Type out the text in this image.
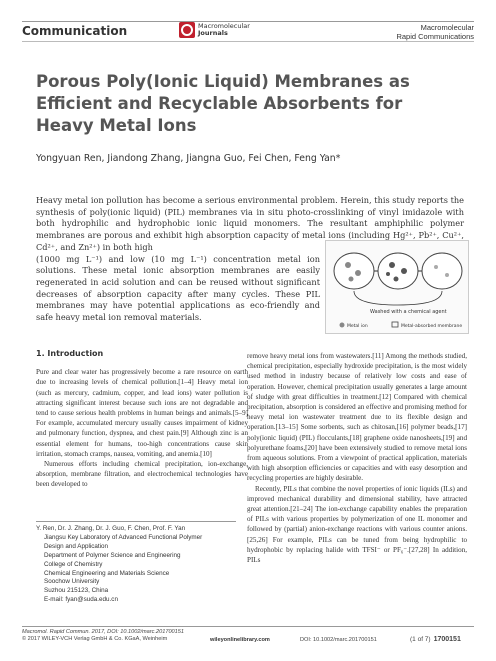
Communication	Macromolecular
Journals
Macromolecular
Rapid Communications
Porous Poly(Ionic Liquid) Membranes as Efficient and Recyclable Absorbents for Heavy Metal Ions
Yongyuan Ren, Jiandong Zhang, Jiangna Guo, Fei Chen, Feng Yan*

Heavy metal ion pollution has become a serious environmental problem. Herein, this study reports the synthesis of poly(ionic liquid) (PIL) membranes via in situ photo-crosslinking of vinyl imidazole with both hydrophilic and hydrophobic ionic liquid monomers. The resultant amphiphilic polymer membranes are porous and exhibit high absorption capacity of metal ions (including Hg²⁺, Pb²⁺, Cu²⁺, Cd²⁺, and Zn²⁺) in both high

(1000 mg L⁻¹) and low (10 mg L⁻¹) concentration metal ion solutions. These metal ionic absorption membranes are easily regenerated in acid solution and can be reused without significant decreases of absorption capacity after many cycles. These PIL membranes may have potential applications as eco-friendly and safe heavy metal ion removal materials.

Washed with a chemical agent
Metal ion	Metal-absorbed membrane
1. Introduction

Pure and clear water has progressively become a rare resource on earth due to increasing levels of chemical pollution.[1–4] Heavy metal ion (such as mercury, cadmium, copper, and lead ions) water pollution is attracting significant interest because such ions are not degradable and tend to cause serious health problems in human beings and animals.[5–9] For example, accumulated mercury usually causes impairment of kidney and pulmonary function, dyspnea, and chest pain.[9] Although zinc is an essential element for humans, too-high concentrations cause skin irritation, stomach cramps, nausea, vomiting, and anemia.[10]

Numerous efforts including chemical precipitation, ion-exchange, absorption, membrane filtration, and electrochemical technologies have been developed to

remove heavy metal ions from wastewaters.[11] Among the methods studied, chemical precipitation, especially hydroxide precipitation, is the most widely used method in industry because of relatively low costs and ease of operation. However, chemical precipitation usually generates a large amount of sludge with great difficulties in treatment.[12] Compared with chemical precipitation, absorption is considered an effective and promising method for heavy metal ion wastewater treatment due to its flexible design and operation.[13–15] Some sorbents, such as chitosan,[16] polymer beads,[17] poly(ionic liquid) (PIL) flocculants,[18] graphene oxide nanosheets,[19] and polyurethane foams,[20] have been extensively studied to remove metal ions from aqueous solutions. From a viewpoint of practical application, materials with high absorption efficiencies or capacities and with easy desorption and recycling properties are highly desirable.

Recently, PILs that combine the novel properties of ionic liquids (ILs) and improved mechanical durability and dimensional stability, have attracted great attention.[21–24] The ion-exchange capability enables the preparation of PILs with various properties by polymerization of one IL monomer and followed by (partial) anion-exchange reactions with various counter anions.[25,26] For example, PILs can be tuned from being hydrophilic to hydrophobic by replacing halide with TFSI⁻ or PF₆⁻.[27,28] In addition, PILs

Y. Ren, Dr. J. Zhang, Dr. J. Guo, F. Chen, Prof. F. Yan
Jiangsu Key Laboratory of Advanced Functional Polymer
Design and Application
Department of Polymer Science and Engineering
College of Chemistry
Chemical Engineering and Materials Science
Soochow University
Suzhou 215123, China
E-mail: fyan@suda.edu.cn
Macromol. Rapid Commun. 2017, DOI: 10.1002/marc.201700151
© 2017 WILEY-VCH Verlag GmbH & Co. KGaA, Weinheim	wileyonlinelibrary.com	DOI: 10.1002/marc.201700151	(1 of 7) 1700151
